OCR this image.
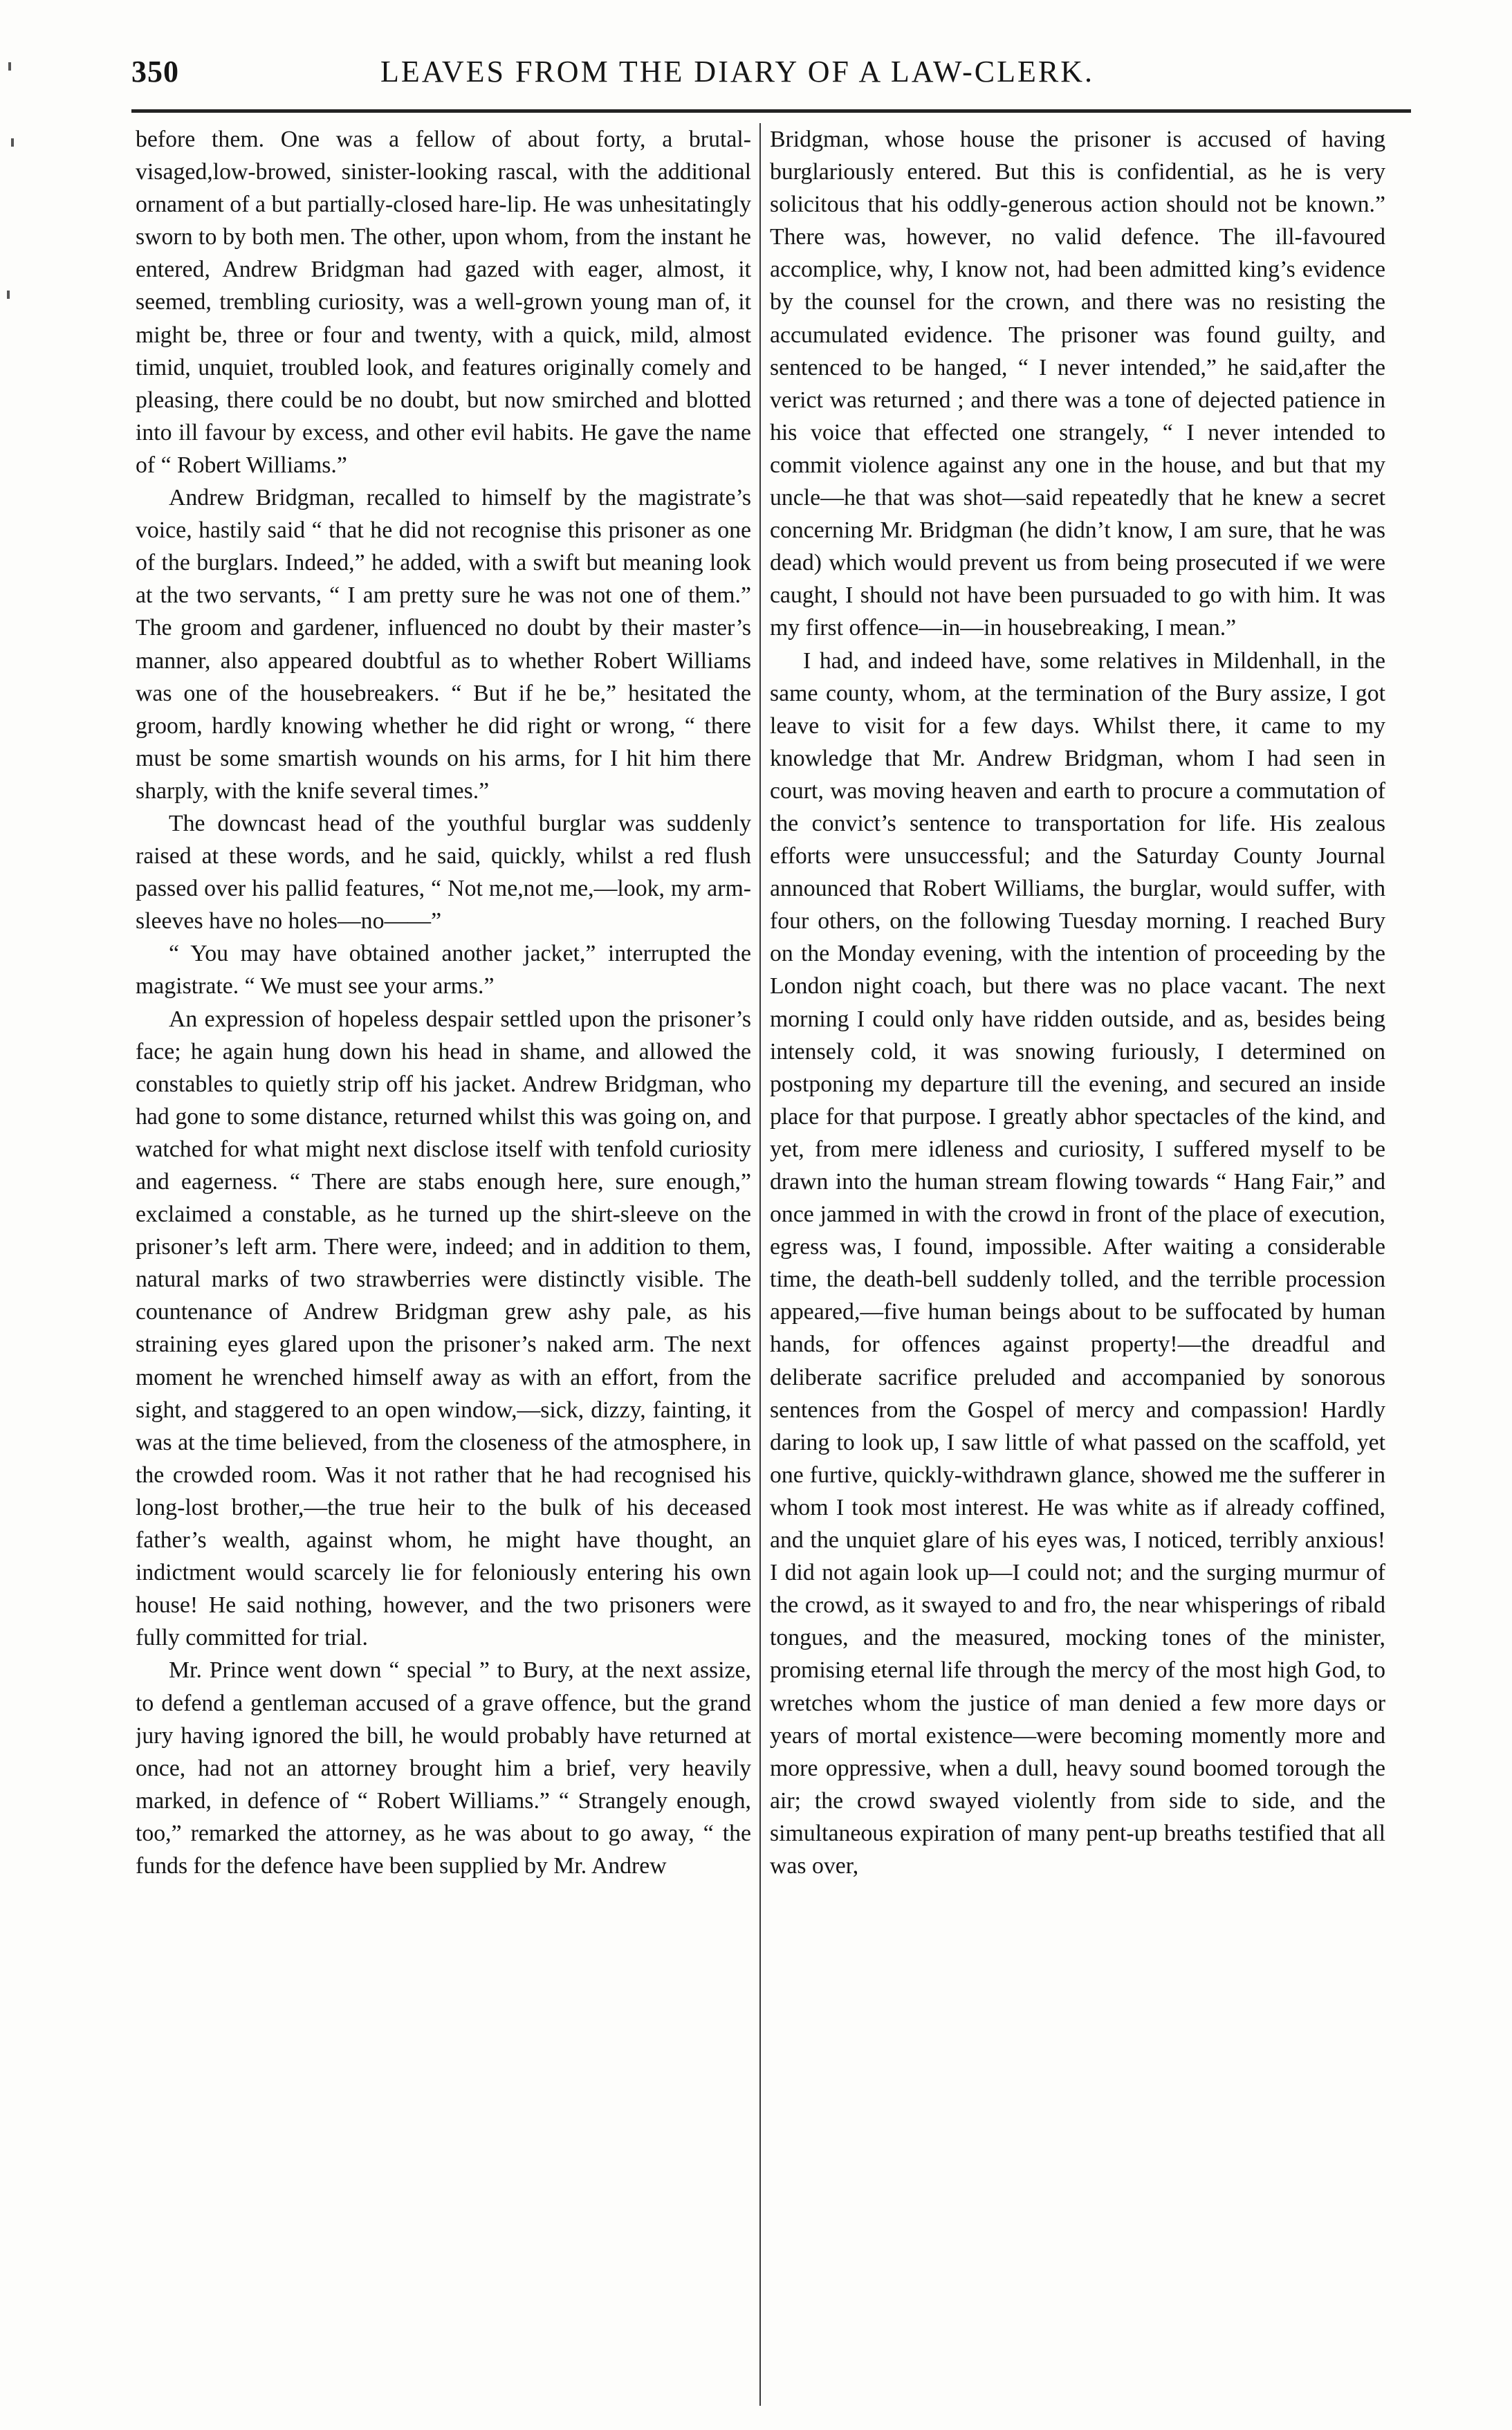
350	LEAVES FROM THE DIARY OF A LAW-CLERK.

before them. One was a fellow of about forty, a brutal-visaged,low-browed, sinister-looking rascal, with the additional ornament of a but partially-closed hare-lip. He was unhesitatingly sworn to by both men. The other, upon whom, from the instant he entered, Andrew Bridgman had gazed with eager, almost, it seemed, trembling curiosity, was a well-grown young man of, it might be, three or four and twenty, with a quick, mild, almost timid, unquiet, troubled look, and features originally comely and pleasing, there could be no doubt, but now smirched and blotted into ill favour by excess, and other evil habits. He gave the name of “ Robert Williams.”

Andrew Bridgman, recalled to himself by the magistrate’s voice, hastily said “ that he did not recognise this prisoner as one of the burglars. Indeed,” he added, with a swift but meaning look at the two servants, “ I am pretty sure he was not one of them.” The groom and gardener, influenced no doubt by their master’s manner, also appeared doubtful as to whether Robert Williams was one of the housebreakers. “ But if he be,” hesitated the groom, hardly knowing whether he did right or wrong, “ there must be some smartish wounds on his arms, for I hit him there sharply, with the knife several times.”

The downcast head of the youthful burglar was suddenly raised at these words, and he said, quickly, whilst a red flush passed over his pallid features, “ Not me,not me,—look, my arm-sleeves have no holes—no——”

“ You may have obtained another jacket,” interrupted the magistrate. “ We must see your arms.”

An expression of hopeless despair settled upon the prisoner’s face; he again hung down his head in shame, and allowed the constables to quietly strip off his jacket. Andrew Bridgman, who had gone to some distance, returned whilst this was going on, and watched for what might next disclose itself with tenfold curiosity and eagerness. “ There are stabs enough here, sure enough,” exclaimed a constable, as he turned up the shirt-sleeve on the prisoner’s left arm. There were, indeed; and in addition to them, natural marks of two strawberries were distinctly visible. The countenance of Andrew Bridgman grew ashy pale, as his straining eyes glared upon the prisoner’s naked arm. The next moment he wrenched himself away as with an effort, from the sight, and staggered to an open window,—sick, dizzy, fainting, it was at the time believed, from the closeness of the atmosphere, in the crowded room. Was it not rather that he had recognised his long-lost brother,—the true heir to the bulk of his deceased father’s wealth, against whom, he might have thought, an indictment would scarcely lie for feloniously entering his own house! He said nothing, however, and the two prisoners were fully committed for trial.

Mr. Prince went down “ special ” to Bury, at the next assize, to defend a gentleman accused of a grave offence, but the grand jury having ignored the bill, he would probably have returned at once, had not an attorney brought him a brief, very heavily marked, in defence of “ Robert Williams.” “ Strangely enough, too,” remarked the attorney, as he was about to go away, “ the funds for the defence have been supplied by Mr. Andrew

Bridgman, whose house the prisoner is accused of having burglariously entered. But this is confidential, as he is very solicitous that his oddly-generous action should not be known.” There was, however, no valid defence. The ill-favoured accomplice, why, I know not, had been admitted king’s evidence by the counsel for the crown, and there was no resisting the accumulated evidence. The prisoner was found guilty, and sentenced to be hanged, “ I never intended,” he said,after the verict was returned ; and there was a tone of dejected patience in his voice that effected one strangely, “ I never intended to commit violence against any one in the house, and but that my uncle—he that was shot—said repeatedly that he knew a secret concerning Mr. Bridgman (he didn’t know, I am sure, that he was dead) which would prevent us from being prosecuted if we were caught, I should not have been pursuaded to go with him. It was my first offence—in—in housebreaking, I mean.”

I had, and indeed have, some relatives in Mildenhall, in the same county, whom, at the termination of the Bury assize, I got leave to visit for a few days. Whilst there, it came to my knowledge that Mr. Andrew Bridgman, whom I had seen in court, was moving heaven and earth to procure a commutation of the convict’s sentence to transportation for life. His zealous efforts were unsuccessful; and the Saturday County Journal announced that Robert Williams, the burglar, would suffer, with four others, on the following Tuesday morning. I reached Bury on the Monday evening, with the intention of proceeding by the London night coach, but there was no place vacant. The next morning I could only have ridden outside, and as, besides being intensely cold, it was snowing furiously, I determined on postponing my departure till the evening, and secured an inside place for that purpose. I greatly abhor spectacles of the kind, and yet, from mere idleness and curiosity, I suffered myself to be drawn into the human stream flowing towards “ Hang Fair,” and once jammed in with the crowd in front of the place of execution, egress was, I found, impossible. After waiting a considerable time, the death-bell suddenly tolled, and the terrible procession appeared,—five human beings about to be suffocated by human hands, for offences against property!—the dreadful and deliberate sacrifice preluded and accompanied by sonorous sentences from the Gospel of mercy and compassion! Hardly daring to look up, I saw little of what passed on the scaffold, yet one furtive, quickly-withdrawn glance, showed me the sufferer in whom I took most interest. He was white as if already coffined, and the unquiet glare of his eyes was, I noticed, terribly anxious! I did not again look up—I could not; and the surging murmur of the crowd, as it swayed to and fro, the near whisperings of ribald tongues, and the measured, mocking tones of the minister, promising eternal life through the mercy of the most high God, to wretches whom the justice of man denied a few more days or years of mortal existence—were becoming momently more and more oppressive, when a dull, heavy sound boomed torough the air; the crowd swayed violently from side to side, and the simultaneous expiration of many pent-up breaths testified that all was over,
